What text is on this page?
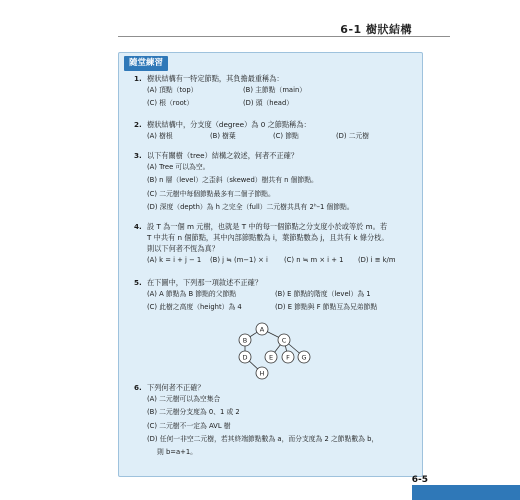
6-1 樹狀結構
隨堂練習
1. 樹狀結構有一特定節點，其負擔最重稱為：
(A) 頂點（top）	(B) 主節點（main）
(C) 根（root）	(D) 頭（head）
2. 樹狀結構中，分支度（degree）為 0 之節點稱為：
(A) 樹根	(B) 樹葉	(C) 節點	(D) 二元樹
3. 以下有關樹（tree）結構之敘述，何者不正確？
(A) Tree 可以為空。
(B) n 層（level）之歪斜（skewed）樹共有 n 個節點。
(C) 二元樹中每個節點最多有二個子節點。
(D) 深度（depth）為 h 之完全（full）二元樹共具有 2ʰ–1 個節點。
4. 設 T 為一個 m 元樹，也就是 T 中的每一個節點之分支度小於或等於 m。若
T 中共有 n 個節點，其中內部節點數為 i，葉節點數為 j，且共有 k 條分枝。
則以下何者不恆為真？
(A) k = i + j − 1	(B) j ≒ (m−1) × i	(C) n ≒ m × i + 1	(D) i ≡ k/m
5. 在下圖中，下列那一項敘述不正確？
(A) A 節點為 B 節點的父節點	(B) E 節點的階度（level）為 1
(C) 此樹之高度（height）為 4	(D) E 節點與 F 節點互為兄弟節點
A
B	C
D	E F G
H
6. 下列何者不正確？
(A) 二元樹可以為空集合
(B) 二元樹分支度為 0、1 或 2
(C) 二元樹不一定為 AVL 樹
(D) 任何一非空二元樹，若其終端節點數為 a，而分支度為 2 之節點數為 b，
則 b=a+1。
6-5
